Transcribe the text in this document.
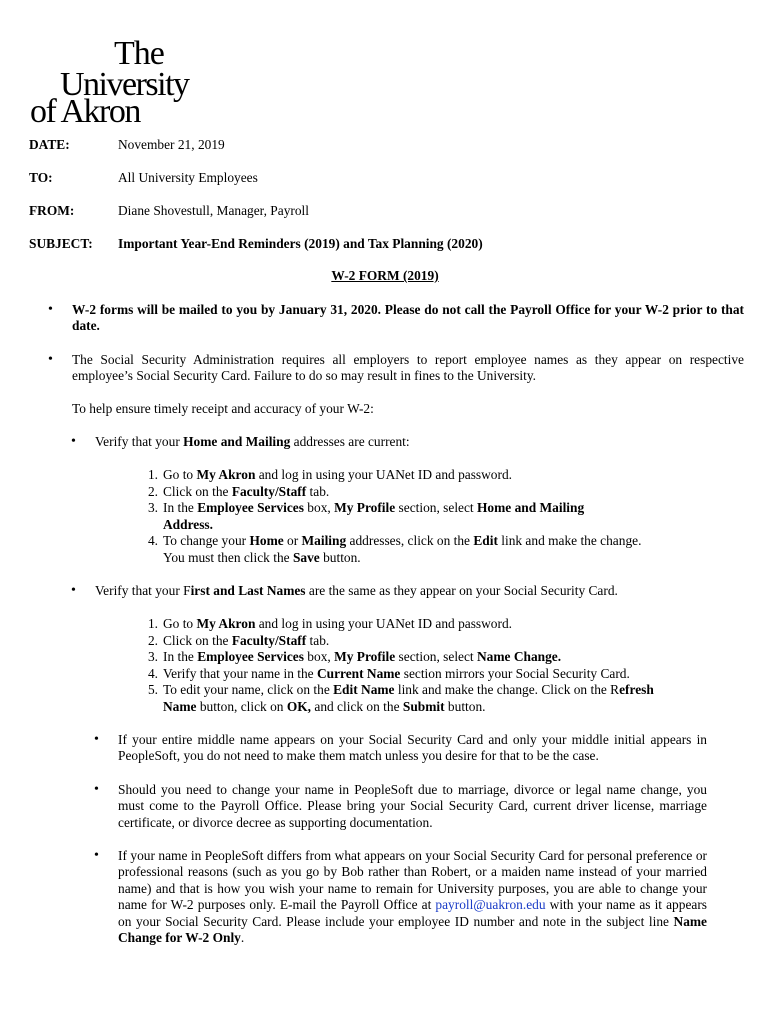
The
University
of Akron
DATE:	November 21, 2019
TO:	All University Employees
FROM:	Diane Shovestull, Manager, Payroll
SUBJECT: Important Year-End Reminders (2019) and Tax Planning (2020)
W-2 FORM (2019)
• W-2 forms will be mailed to you by January 31, 2020. Please do not call the Payroll Office for your W-2 prior to that date.
• The Social Security Administration requires all employers to report employee names as they appear on respective employee’s Social Security Card. Failure to do so may result in fines to the University.
To help ensure timely receipt and accuracy of your W-2:
• Verify that your Home and Mailing addresses are current:
1. Go to My Akron and log in using your UANet ID and password.
2. Click on the Faculty/Staff tab.
3. In the Employee Services box, My Profile section, select Home and Mailing
Address.
4. To change your Home or Mailing addresses, click on the Edit link and make the change.
You must then click the Save button.
• Verify that your First and Last Names are the same as they appear on your Social Security Card.
1. Go to My Akron and log in using your UANet ID and password.
2. Click on the Faculty/Staff tab.
3. In the Employee Services box, My Profile section, select Name Change.
4. Verify that your name in the Current Name section mirrors your Social Security Card.
5. To edit your name, click on the Edit Name link and make the change. Click on the Refresh
Name button, click on OK, and click on the Submit button.
• If your entire middle name appears on your Social Security Card and only your middle initial appears in PeopleSoft, you do not need to make them match unless you desire for that to be the case.
• Should you need to change your name in PeopleSoft due to marriage, divorce or legal name change, you must come to the Payroll Office. Please bring your Social Security Card, current driver license, marriage certificate, or divorce decree as supporting documentation.
• If your name in PeopleSoft differs from what appears on your Social Security Card for personal preference or professional reasons (such as you go by Bob rather than Robert, or a maiden name instead of your married name) and that is how you wish your name to remain for University purposes, you are able to change your name for W-2 purposes only. E-mail the Payroll Office at payroll@uakron.edu with your name as it appears on your Social Security Card. Please include your employee ID number and note in the subject line Name Change for W-2 Only.
